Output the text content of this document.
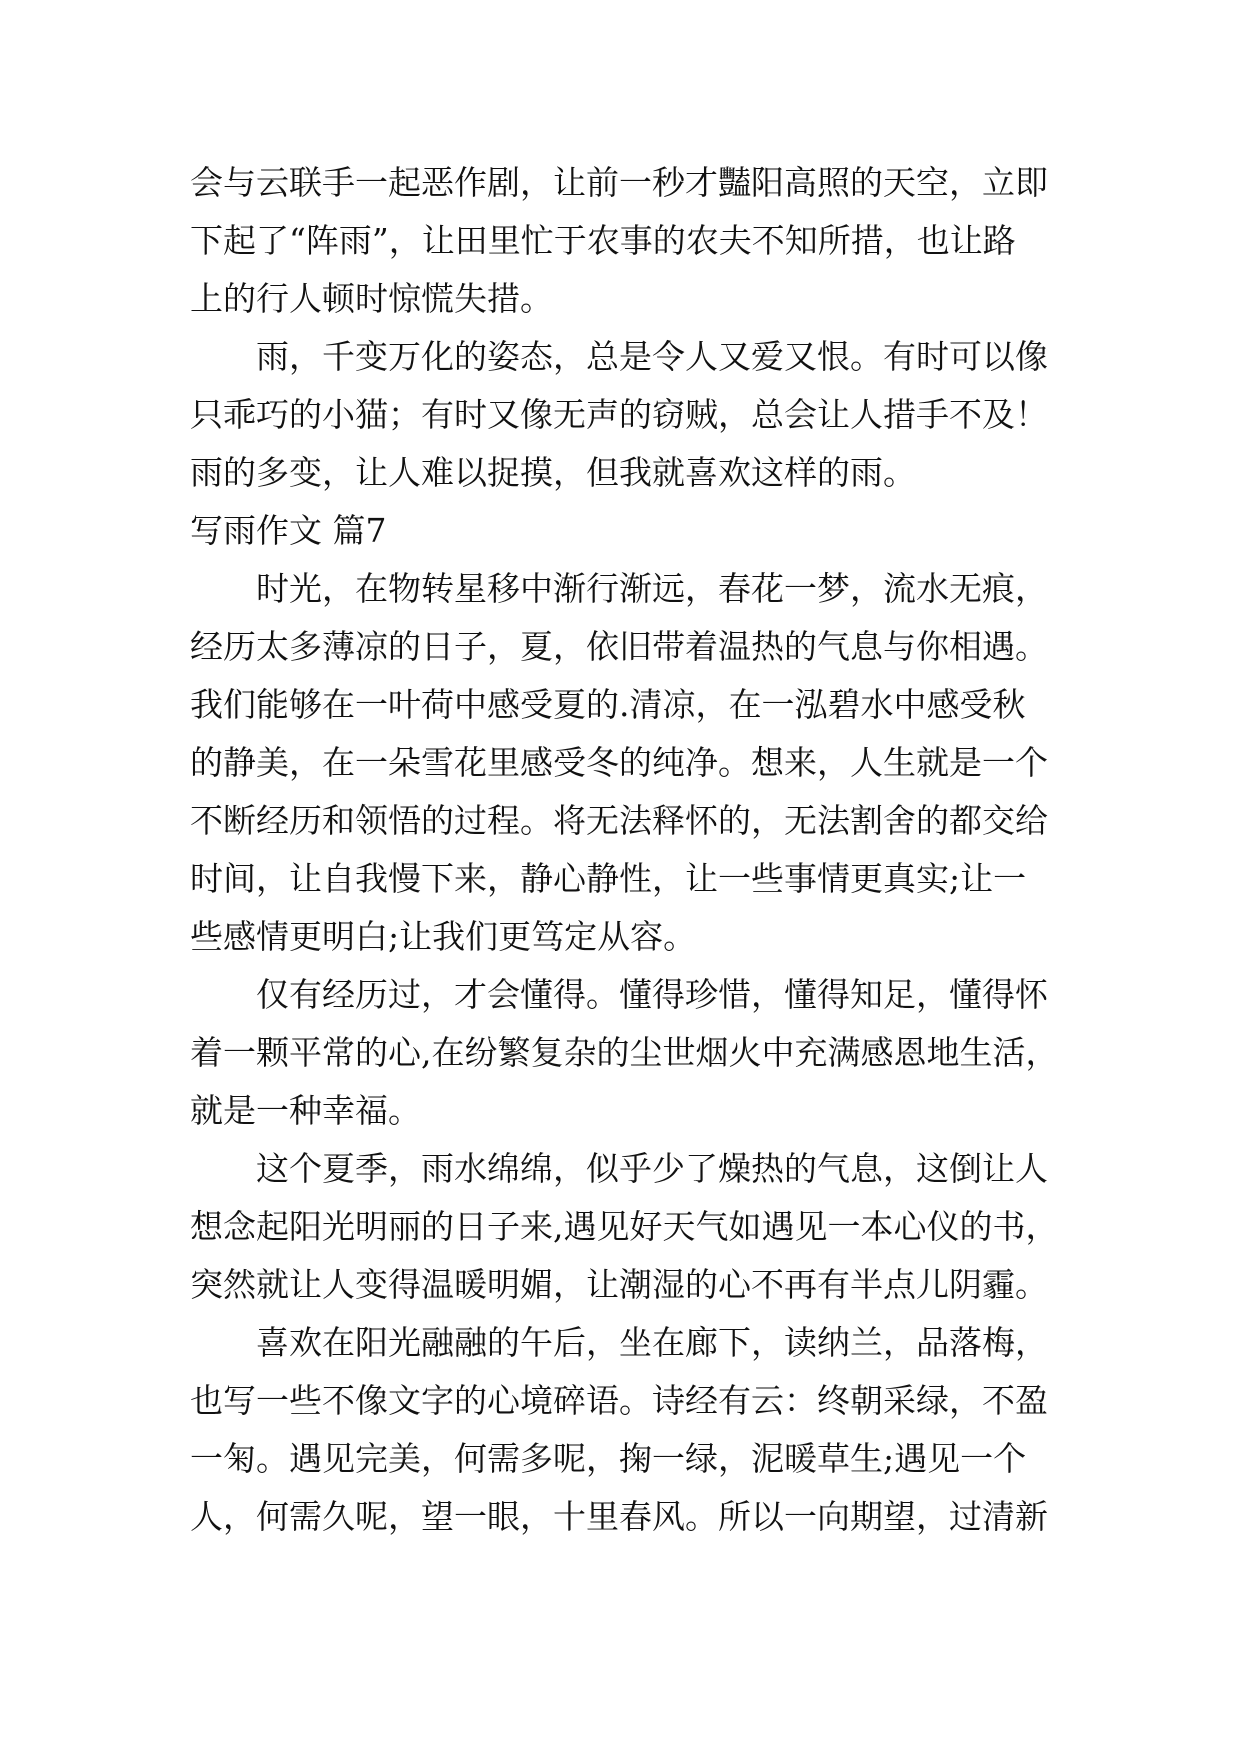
会与云联手一起恶作剧，让前一秒才豔阳高照的天空，立即
下起了“阵雨”，让田里忙于农事的农夫不知所措，也让路
上的行人顿时惊慌失措。
雨，千变万化的姿态，总是令人又爱又恨。有时可以像
只乖巧的小猫；有时又像无声的窃贼，总会让人措手不及！
雨的多变，让人难以捉摸，但我就喜欢这样的雨。
写雨作文 篇7
时光，在物转星移中渐行渐远，春花一梦，流水无痕，
经历太多薄凉的日子，夏，依旧带着温热的气息与你相遇。
我们能够在一叶荷中感受夏的.清凉，在一泓碧水中感受秋
的静美，在一朵雪花里感受冬的纯净。想来，人生就是一个
不断经历和领悟的过程。将无法释怀的，无法割舍的都交给
时间，让自我慢下来，静心静性，让一些事情更真实;让一
些感情更明白;让我们更笃定从容。
仅有经历过，才会懂得。懂得珍惜，懂得知足，懂得怀
着一颗平常的心,在纷繁复杂的尘世烟火中充满感恩地生活，
就是一种幸福。
这个夏季，雨水绵绵，似乎少了燥热的气息，这倒让人
想念起阳光明丽的日子来,遇见好天气如遇见一本心仪的书，
突然就让人变得温暖明媚，让潮湿的心不再有半点儿阴霾。
喜欢在阳光融融的午后，坐在廊下，读纳兰，品落梅，
也写一些不像文字的心境碎语。诗经有云：终朝采绿，不盈
一匊。遇见完美，何需多呢，掬一绿，泥暖草生;遇见一个
人，何需久呢，望一眼，十里春风。所以一向期望，过清新
